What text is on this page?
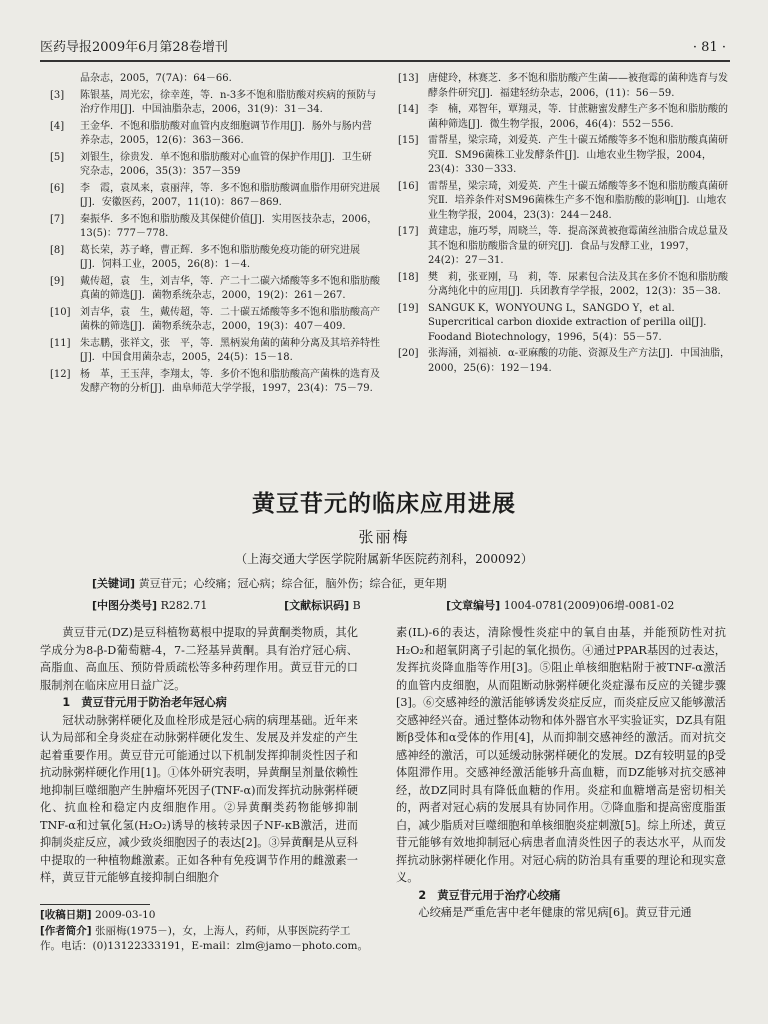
医药导报2009年6月第28卷增刊	· 81 ·
品杂志，2005，7(7A)：64－66.
[3]	陈银基，周光宏，徐幸莲，等．n-3多不饱和脂肪酸对疾病的预防与治疗作用[J]．中国油脂杂志，2006，31(9)：31－34.
[4]	王金华．不饱和脂肪酸对血管内皮细胞调节作用[J]．肠外与肠内营养杂志，2005，12(6)：363－366.
[5]	刘银生，徐贵发．单不饱和脂肪酸对心血管的保护作用[J]．卫生研究杂志，2006，35(3)：357－359
[6]	李　霞，袁凤来，袁丽萍，等．多不饱和脂肪酸调血脂作用研究进展[J]．安徽医药，2007，11(10)：867－869.
[7]	秦振华．多不饱和脂肪酸及其保健价值[J]．实用医技杂志，2006，13(5)：777－778.
[8]	葛长荣，苏子峰，曹正辉．多不饱和脂肪酸免疫功能的研究进展[J]．饲料工业，2005，26(8)：1－4.
[9]	戴传超，袁　生，刘吉华，等．产二十二碳六烯酸等多不饱和脂肪酸真菌的筛选[J]．菌物系统杂志，2000，19(2)：261－267.
[10] 刘吉华，袁　生，戴传超，等．二十碳五烯酸等多不饱和脂肪酸高产菌株的筛选[J]．菌物系统杂志，2000，19(3)：407－409.
[11] 朱志鹏，张祥文，张　平，等．黑柄炭角菌的菌种分离及其培养特性[J]．中国食用菌杂志，2005，24(5)：15－18.
[12] 杨　革，王玉萍，李翔太，等．多价不饱和脂肪酸高产菌株的选育及发酵产物的分析[J]．曲阜师范大学学报，1997，23(4)：75－79.
[13] 唐健玲，林赛芝．多不饱和脂肪酸产生菌——被孢霉的菌种选育与发酵条件研究[J]．福建轻纺杂志，2006，(11)：56－59.
[14] 李　楠，邓智年，覃翔灵，等．甘蔗糖蜜发酵生产多不饱和脂肪酸的菌种筛选[J]．微生物学报，2006，46(4)：552－556.
[15] 雷帮星，梁宗琦，刘爱英．产生十碳五烯酸等多不饱和脂肪酸真菌研究Ⅱ．SM96菌株工业发酵条件[J]．山地农业生物学报，2004，23(4)：330－333.
[16] 雷帮星，梁宗琦，刘爱英．产生十碳五烯酸等多不饱和脂肪酸真菌研究Ⅱ．培养条件对SM96菌株生产多不饱和脂肪酸的影响[J]．山地农业生物学报，2004，23(3)：244－248.
[17] 黄建忠，施巧琴，周晓兰，等．提高深黄被孢霉菌丝油脂合成总量及其不饱和脂肪酸脂含量的研究[J]．食品与发酵工业，1997，24(2)：27－31.
[18] 樊　莉，张亚刚，马　莉，等．尿素包合法及其在多价不饱和脂肪酸分离纯化中的应用[J]．兵团教育学学报，2002，12(3)：35－38.
[19] SANGUK K，WONYOUNG L，SANGDO Y，et al．Supercritical carbon dioxide extraction of perilla oil[J]．Foodand Biotechnology，1996，5(4)：55－57.
[20] 张海涌，刘福祯．α-亚麻酸的功能、资源及生产方法[J]．中国油脂，2000，25(6)：192－194.
黄豆苷元的临床应用进展
张丽梅
（上海交通大学医学院附属新华医院药剂科，200092）
[关键词] 黄豆苷元；心绞痛；冠心病；综合征，脑外伤；综合征，更年期
[中图分类号] R282.71	[文献标识码] B	[文章编号] 1004-0781(2009)06增-0081-02

黄豆苷元(DZ)是豆科植物葛根中提取的异黄酮类物质，其化学成分为8-β-D葡萄糖-4，7-二羟基异黄酮。具有治疗冠心病、高脂血、高血压、预防骨质疏松等多种药理作用。黄豆苷元的口服制剂在临床应用日益广泛。

1　黄豆苷元用于防治老年冠心病

冠状动脉粥样硬化及血栓形成是冠心病的病理基础。近年来认为局部和全身炎症在动脉粥样硬化发生、发展及并发症的产生起着重要作用。黄豆苷元可能通过以下机制发挥抑制炎性因子和抗动脉粥样硬化作用[1]。①体外研究表明，异黄酮呈剂量依赖性地抑制巨噬细胞产生肿瘤坏死因子(TNF-α)而发挥抗动脉粥样硬化、抗血栓和稳定内皮细胞作用。②异黄酮类药物能够抑制TNF-α和过氧化氢(H₂O₂)诱导的核转录因子NF-κB激活，进而抑制炎症反应，减少致炎细胞因子的表达[2]。③异黄酮是从豆科中提取的一种植物雌激素。正如各种有免疫调节作用的雌激素一样，黄豆苷元能够直接抑制白细胞介

素(IL)-6的表达，清除慢性炎症中的氧自由基，并能预防性对抗H₂O₂和超氧阴离子引起的氧化损伤。④通过PPAR基因的过表达，发挥抗炎降血脂等作用[3]。⑤阻止单核细胞粘附于被TNF-α激活的血管内皮细胞，从而阻断动脉粥样硬化炎症瀑布反应的关键步骤[3]。⑥交感神经的激活能够诱发炎症反应，而炎症反应又能够激活交感神经兴奋。通过整体动物和体外器官水平实验证实，DZ具有阻断β受体和α受体的作用[4]，从而抑制交感神经的激活。而对抗交感神经的激活，可以延缓动脉粥样硬化的发展。DZ有较明显的β受体阻滞作用。交感神经激活能够升高血糖，而DZ能够对抗交感神经，故DZ同时具有降低血糖的作用。炎症和血糖增高是密切相关的，两者对冠心病的发展具有协同作用。⑦降血脂和提高密度脂蛋白，减少脂质对巨噬细胞和单核细胞炎症刺激[5]。综上所述，黄豆苷元能够有效地抑制冠心病患者血清炎性因子的表达水平，从而发挥抗动脉粥样硬化作用。对冠心病的防治具有重要的理论和现实意义。

2　黄豆苷元用于治疗心绞痛

心绞痛是严重危害中老年健康的常见病[6]。黄豆苷元通

[收稿日期] 2009-03-10
[作者简介] 张丽梅(1975－)，女，上海人，药师，从事医院药学工作。电话：(0)13122333191，E-mail：zlm@jamo－photo.com。
